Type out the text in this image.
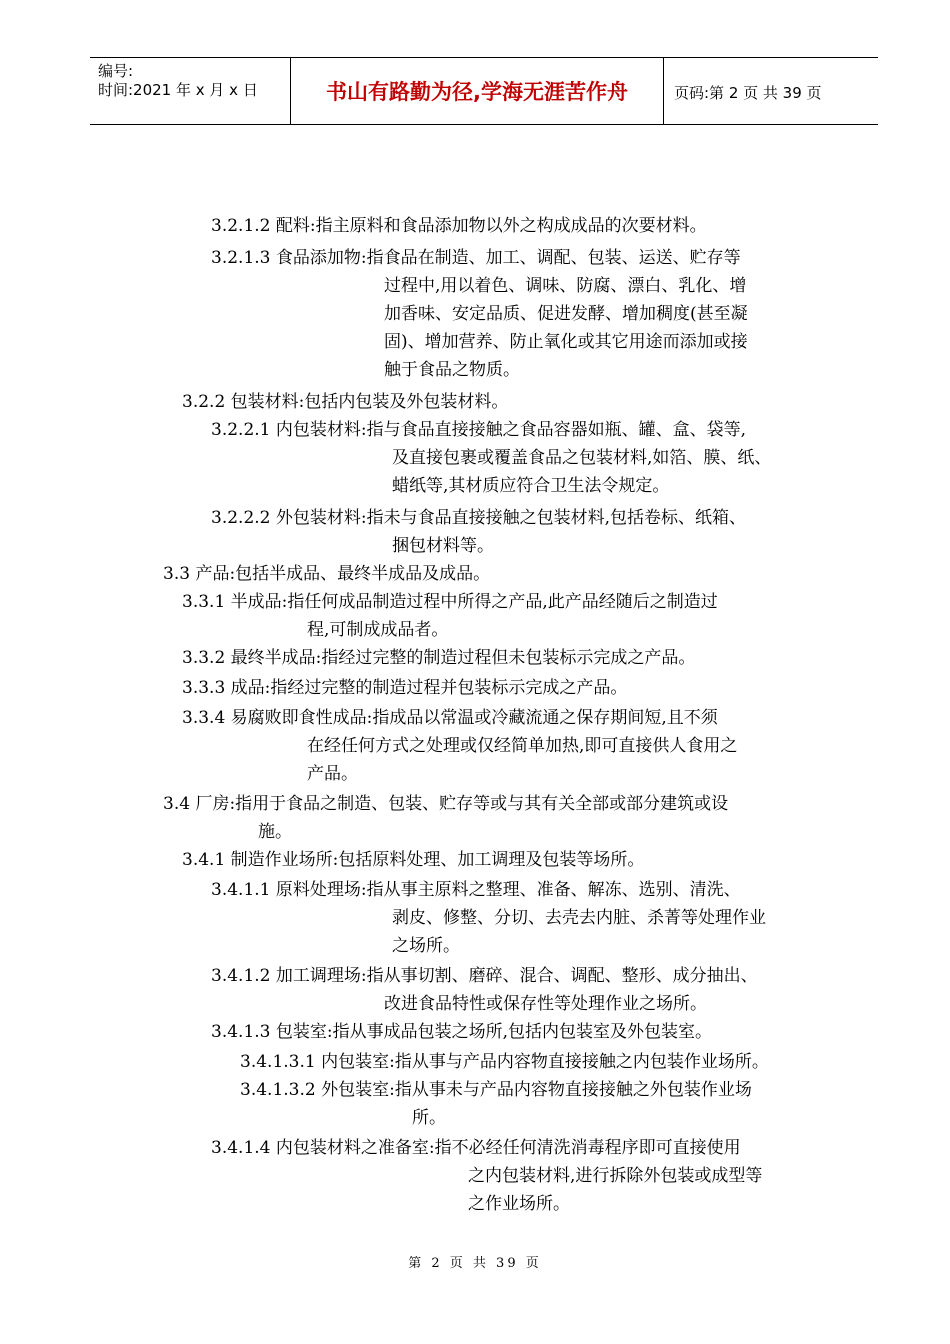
编号:
时间:2021 年 x 月 x 日	书山有路勤为径,学海无涯苦作舟	页码:第 2 页 共 39 页
3.2.1.2 配料:指主原料和食品添加物以外之构成成品的次要材料。
3.2.1.3 食品添加物:指食品在制造、加工、调配、包装、运送、贮存等
过程中,用以着色、调味、防腐、漂白、乳化、增
加香味、安定品质、促进发酵、增加稠度(甚至凝
固)、增加营养、防止氧化或其它用途而添加或接
触于食品之物质。
3.2.2 包装材料:包括内包装及外包装材料。
3.2.2.1 内包装材料:指与食品直接接触之食品容器如瓶、罐、盒、袋等,
及直接包裹或覆盖食品之包装材料,如箔、膜、纸、
蜡纸等,其材质应符合卫生法令规定。
3.2.2.2 外包装材料:指未与食品直接接触之包装材料,包括卷标、纸箱、
捆包材料等。
3.3 产品:包括半成品、最终半成品及成品。
3.3.1 半成品:指任何成品制造过程中所得之产品,此产品经随后之制造过
程,可制成成品者。
3.3.2 最终半成品:指经过完整的制造过程但未包装标示完成之产品。
3.3.3 成品:指经过完整的制造过程并包装标示完成之产品。
3.3.4 易腐败即食性成品:指成品以常温或冷藏流通之保存期间短,且不须
在经任何方式之处理或仅经简单加热,即可直接供人食用之
产品。
3.4 厂房:指用于食品之制造、包装、贮存等或与其有关全部或部分建筑或设
施。
3.4.1 制造作业场所:包括原料处理、加工调理及包装等场所。
3.4.1.1 原料处理场:指从事主原料之整理、准备、解冻、选别、清洗、
剥皮、修整、分切、去壳去内脏、杀菁等处理作业
之场所。
3.4.1.2 加工调理场:指从事切割、磨碎、混合、调配、整形、成分抽出、
改进食品特性或保存性等处理作业之场所。
3.4.1.3 包装室:指从事成品包装之场所,包括内包装室及外包装室。
3.4.1.3.1 内包装室:指从事与产品内容物直接接触之内包装作业场所。
3.4.1.3.2 外包装室:指从事未与产品内容物直接接触之外包装作业场
所。
3.4.1.4 内包装材料之准备室:指不必经任何清洗消毒程序即可直接使用
之内包装材料,进行拆除外包装或成型等
之作业场所。
第 2 页 共 39 页
